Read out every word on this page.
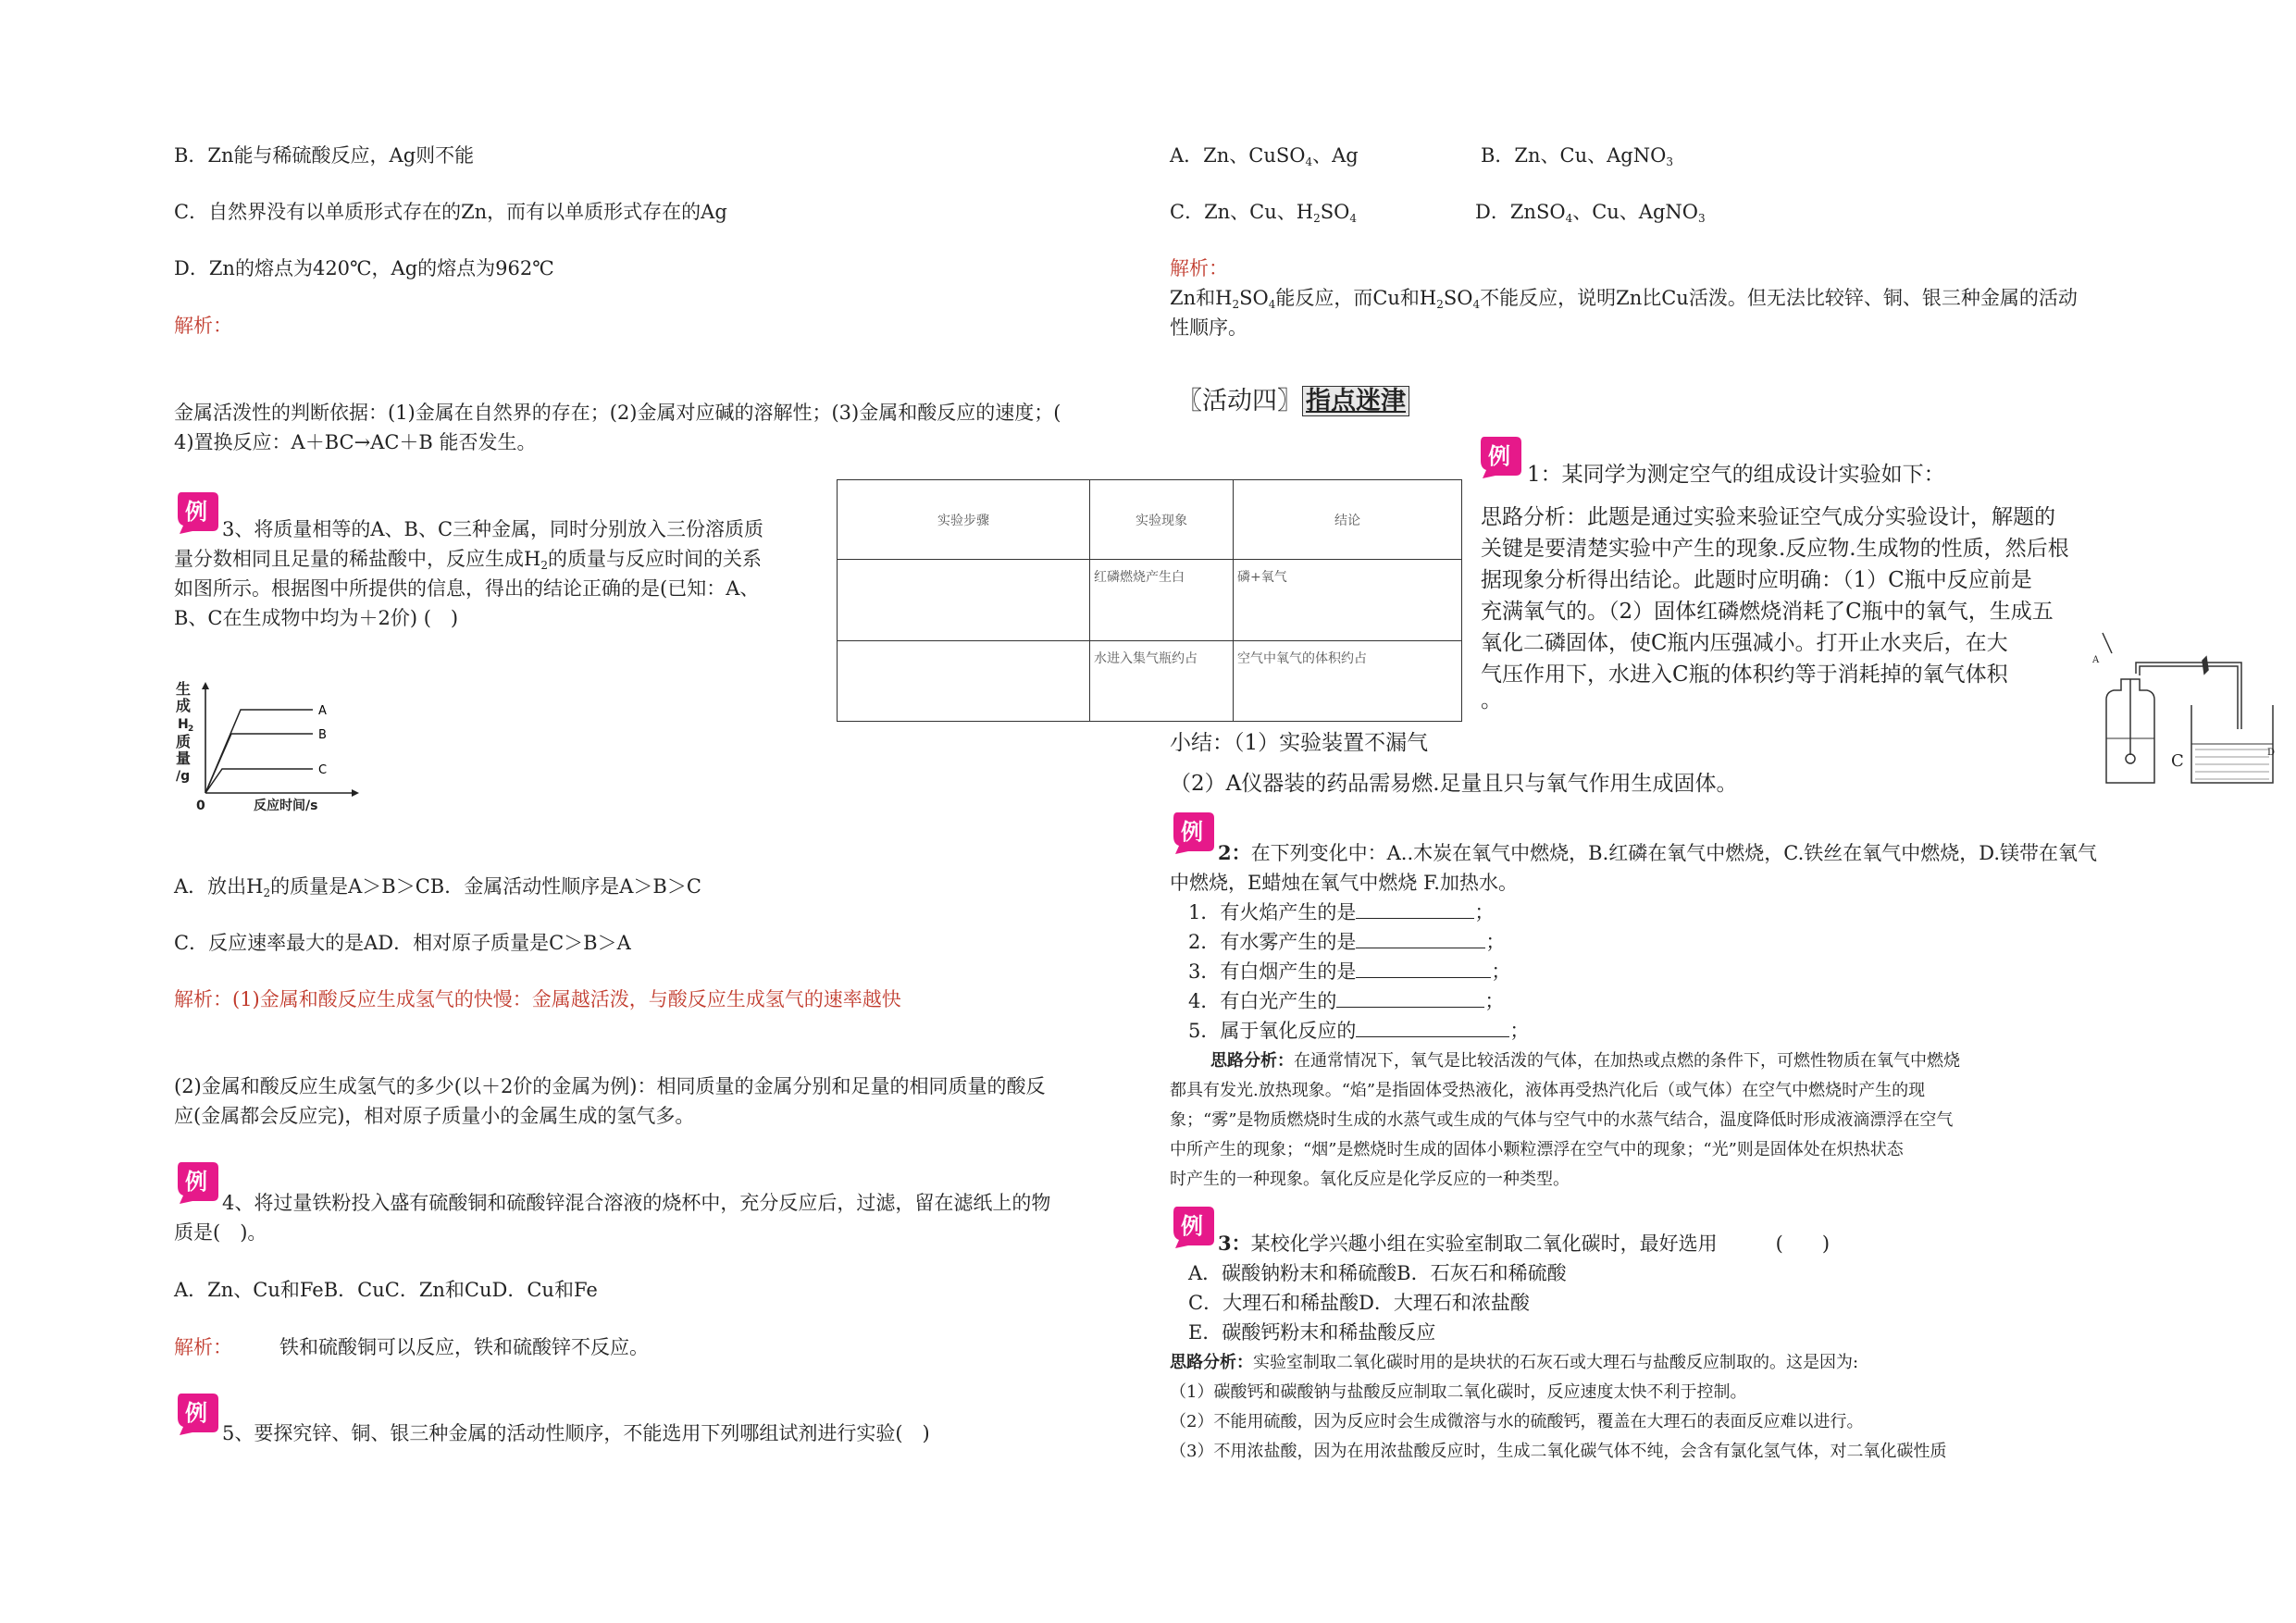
B．Zn能与稀硫酸反应，Ag则不能
C．自然界没有以单质形式存在的Zn，而有以单质形式存在的Ag
D．Zn的熔点为420℃，Ag的熔点为962℃
解析：
金属活泼性的判断依据：(1)金属在自然界的存在；(2)金属对应碱的溶解性；(3)金属和酸反应的速度；(
4)置换反应：A＋BC→AC＋B 能否发生。
例
3、将质量相等的A、B、C三种金属，同时分别放入三份溶质质
量分数相同且足量的稀盐酸中，反应生成$H_2$的质量与反应时间的关系
如图所示。根据图中所提供的信息，得出的结论正确的是(已知：A、
B、C在生成物中均为＋2价) (　)
生
成
H 2
质
量
/g
0	反应时间/s
A
B
C
A．放出$H_2$的质量是A＞B＞CB．金属活动性顺序是A＞B＞C
C．反应速率最大的是AD．相对原子质量是C＞B＞A
解析：(1)金属和酸反应生成氢气的快慢：金属越活泼，与酸反应生成氢气的速率越快
(2)金属和酸反应生成氢气的多少(以＋2价的金属为例)：相同质量的金属分别和足量的相同质量的酸反
应(金属都会反应完)，相对原子质量小的金属生成的氢气多。
例
4、将过量铁粉投入盛有硫酸铜和硫酸锌混合溶液的烧杯中，充分反应后，过滤，留在滤纸上的物
质是(　)。
A．Zn、Cu和FeB．CuC．Zn和CuD．Cu和Fe
解析： 铁和硫酸铜可以反应，铁和硫酸锌不反应。
例
5、要探究锌、铜、银三种金属的活动性顺序，不能选用下列哪组试剂进行实验(　)
实验步骤	实验现象	结论
	红磷燃烧产生白	磷+氧气
	水进入集气瓶约占	空气中氧气的体积约占
A．Zn、CuSO$_4$、Ag	B．Zn、Cu、AgNO$_3$
C．Zn、Cu、$H_2SO_4$	D．ZnSO$_4$、Cu、AgNO$_3$
解析：
Zn和$H_2SO_4$能反应，而Cu和$H_2SO_4$不能反应，说明Zn比Cu活泼。但无法比较锌、铜、银三种金属的活动
性顺序。
〖活动四〗 指点迷津
例
1：某同学为测定空气的组成设计实验如下：
思路分析：此题是通过实验来验证空气成分实验设计，解题的
关键是要清楚实验中产生的现象.反应物.生成物的性质，然后根
据现象分析得出结论。此题时应明确：（1）C瓶中反应前是
充满氧气的。（2）固体红磷燃烧消耗了C瓶中的氧气，生成五
氧化二磷固体，使C瓶内压强减小。打开止水夹后，在大
气压作用下，水进入C瓶的体积约等于消耗掉的氧气体积
。
小结：（1）实验装置不漏气
（2）A仪器装的药品需易燃.足量且只与氧气作用生成固体。
C
A
D
例
2：在下列变化中：A..木炭在氧气中燃烧，B.红磷在氧气中燃烧，C.铁丝在氧气中燃烧，D.镁带在氧气
中燃烧，E蜡烛在氧气中燃烧 F.加热水。
1．有火焰产生的是	；
2．有水雾产生的是	；
3．有白烟产生的是	；
4．有白光产生的	；
5．属于氧化反应的	；
思路分析：在通常情况下，氧气是比较活泼的气体，在加热或点燃的条件下，可燃性物质在氧气中燃烧
都具有发光.放热现象。“焰”是指固体受热液化，液体再受热汽化后（或气体）在空气中燃烧时产生的现
象；“雾”是物质燃烧时生成的水蒸气或生成的气体与空气中的水蒸气结合，温度降低时形成液滴漂浮在空气
中所产生的现象；“烟”是燃烧时生成的固体小颗粒漂浮在空气中的现象；“光”则是固体处在炽热状态
时产生的一种现象。氧化反应是化学反应的一种类型。
例
3：某校化学兴趣小组在实验室制取二氧化碳时，最好选用　　　(　　)
A．碳酸钠粉末和稀硫酸B．石灰石和稀硫酸
C．大理石和稀盐酸D．大理石和浓盐酸
E．碳酸钙粉末和稀盐酸反应
思路分析：实验室制取二氧化碳时用的是块状的石灰石或大理石与盐酸反应制取的。这是因为:
（1）碳酸钙和碳酸钠与盐酸反应制取二氧化碳时，反应速度太快不利于控制。
（2）不能用硫酸，因为反应时会生成微溶与水的硫酸钙，覆盖在大理石的表面反应难以进行。
（3）不用浓盐酸，因为在用浓盐酸反应时，生成二氧化碳气体不纯，会含有氯化氢气体，对二氧化碳性质
